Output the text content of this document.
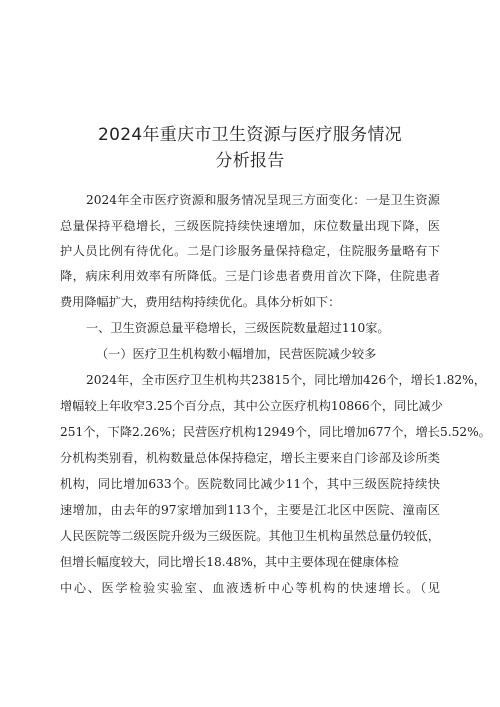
2024年重庆市卫生资源与医疗服务情况
分析报告
2024年全市医疗资源和服务情况呈现三方面变化：一是卫生资源
总量保持平稳增长，三级医院持续快速增加，床位数量出现下降，医
护人员比例有待优化。二是门诊服务量保持稳定，住院服务量略有下
降，病床利用效率有所降低。三是门诊患者费用首次下降，住院患者
费用降幅扩大，费用结构持续优化。具体分析如下：
一、卫生资源总量平稳增长，三级医院数量超过110家。
（一）医疗卫生机构数小幅增加，民营医院减少较多
2024年，全市医疗卫生机构共23815个，同比增加426个，增长1.82%，
增幅较上年收窄3.25个百分点，其中公立医疗机构10866个，同比减少
251个，下降2.26%；民营医疗机构12949个，同比增加677个，增长5.52%。
分机构类别看，机构数量总体保持稳定，增长主要来自门诊部及诊所类
机构，同比增加633个。医院数同比减少11个，其中三级医院持续快
速增加，由去年的97家增加到113个，主要是江北区中医院、潼南区
人民医院等二级医院升级为三级医院。其他卫生机构虽然总量仍较低，
但增长幅度较大，同比增长18.48%，其中主要体现在健康体检
中心、医学检验实验室、血液透析中心等机构的快速增长。（见
